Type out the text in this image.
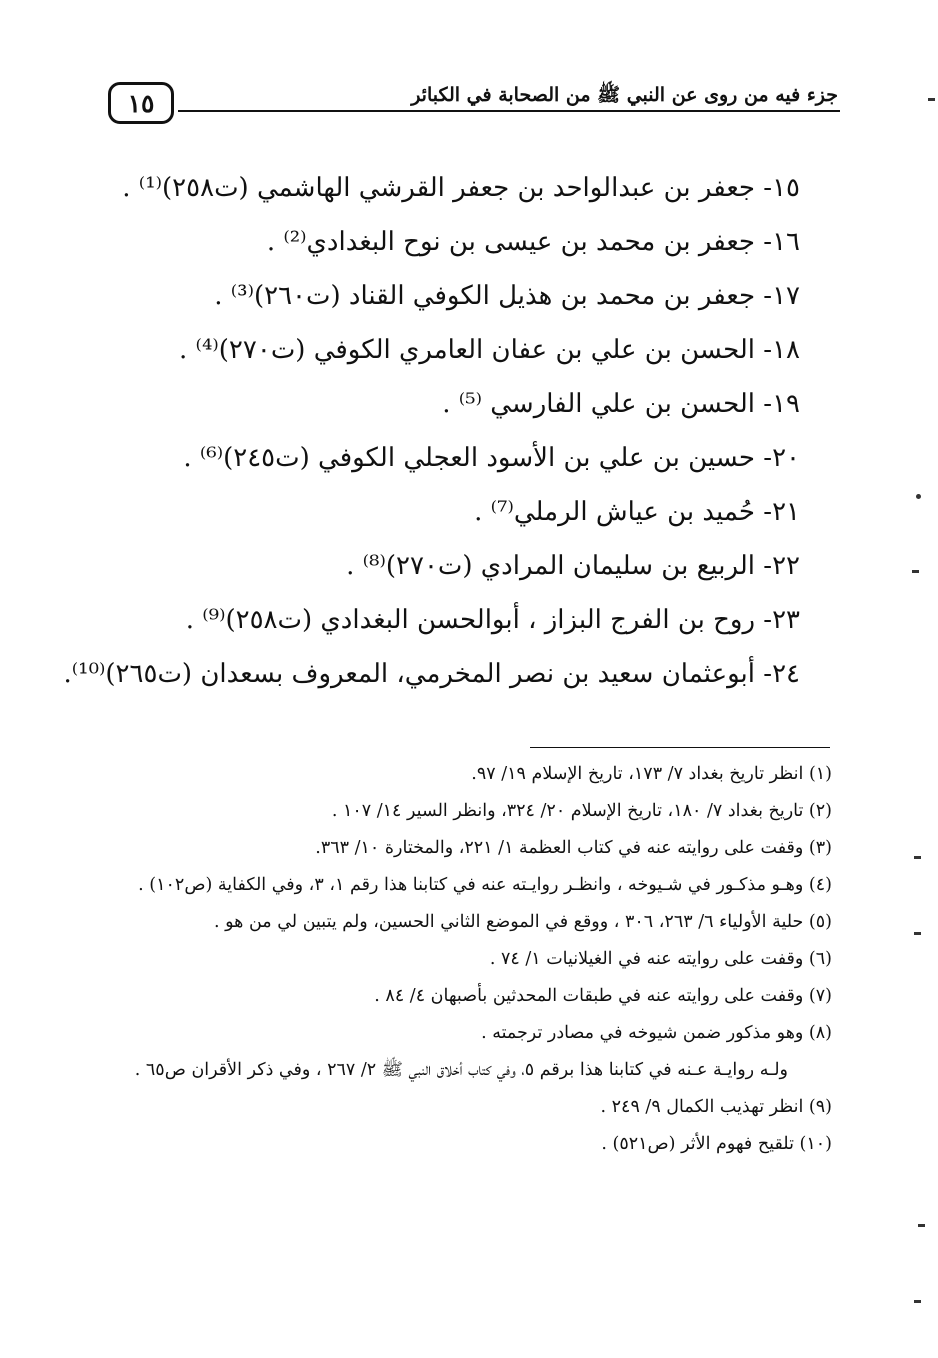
١٥	جزء فيه من روى عن النبي ﷺ من الصحابة في الكبائر
١٥- جعفر بن عبدالواحد بن جعفر القرشي الهاشمي (ت٢٥٨)⁽¹⁾ .
١٦- جعفر بن محمد بن عيسى بن نوح البغدادي⁽²⁾ .
١٧- جعفر بن محمد بن هذيل الكوفي القناد (ت٢٦٠)⁽³⁾ .
١٨- الحسن بن علي بن عفان العامري الكوفي (ت٢٧٠)⁽⁴⁾ .
١٩- الحسن بن علي الفارسي ⁽⁵⁾ .
٢٠- حسين بن علي بن الأسود العجلي الكوفي (ت٢٤٥)⁽⁶⁾ .
٢١- حُميد بن عياش الرملي⁽⁷⁾ .
٢٢- الربيع بن سليمان المرادي (ت٢٧٠)⁽⁸⁾ .
٢٣- روح بن الفرج البزاز ، أبوالحسن البغدادي (ت٢٥٨)⁽⁹⁾ .
٢٤- أبوعثمان سعيد بن نصر المخرمي، المعروف بسعدان (ت٢٦٥)⁽¹⁰⁾.
(١) انظر تاريخ بغداد ٧/ ١٧٣، تاريخ الإسلام ١٩/ ٩٧.
(٢) تاريخ بغداد ٧/ ١٨٠، تاريخ الإسلام ٢٠/ ٣٢٤، وانظر السير ١٤/ ١٠٧ .
(٣) وقفت على روايته عنه في كتاب العظمة ١/ ٢٢١، والمختارة ١٠/ ٣٦٣.
(٤) وهـو مذكـور في شـيوخه ، وانظـر روايـته عنه في كتابنا هذا رقم ١، ٣، وفي الكفاية (ص١٠٢) .
(٥) حلية الأولياء ٦/ ٢٦٣، ٣٠٦ ، ووقع في الموضع الثاني الحسين، ولم يتبين لي من هو .
(٦) وقفت على روايته عنه في الغيلانيات ١/ ٧٤ .
(٧) وقفت على روايته عنه في طبقات المحدثين بأصبهان ٤/ ٨٤ .
(٨) وهو مذكور ضمن شيوخه في مصادر ترجمته .
ولـه روايـة عـنه في كتابنا هذا برقم ٥، وفي كتاب أخلاق النبي ﷺ ٢/ ٢٦٧ ، وفي ذكر الأقران ص٦٥ .
(٩) انظر تهذيب الكمال ٩/ ٢٤٩ .
(١٠) تلقيح فهوم الأثر (ص٥٢١) .
